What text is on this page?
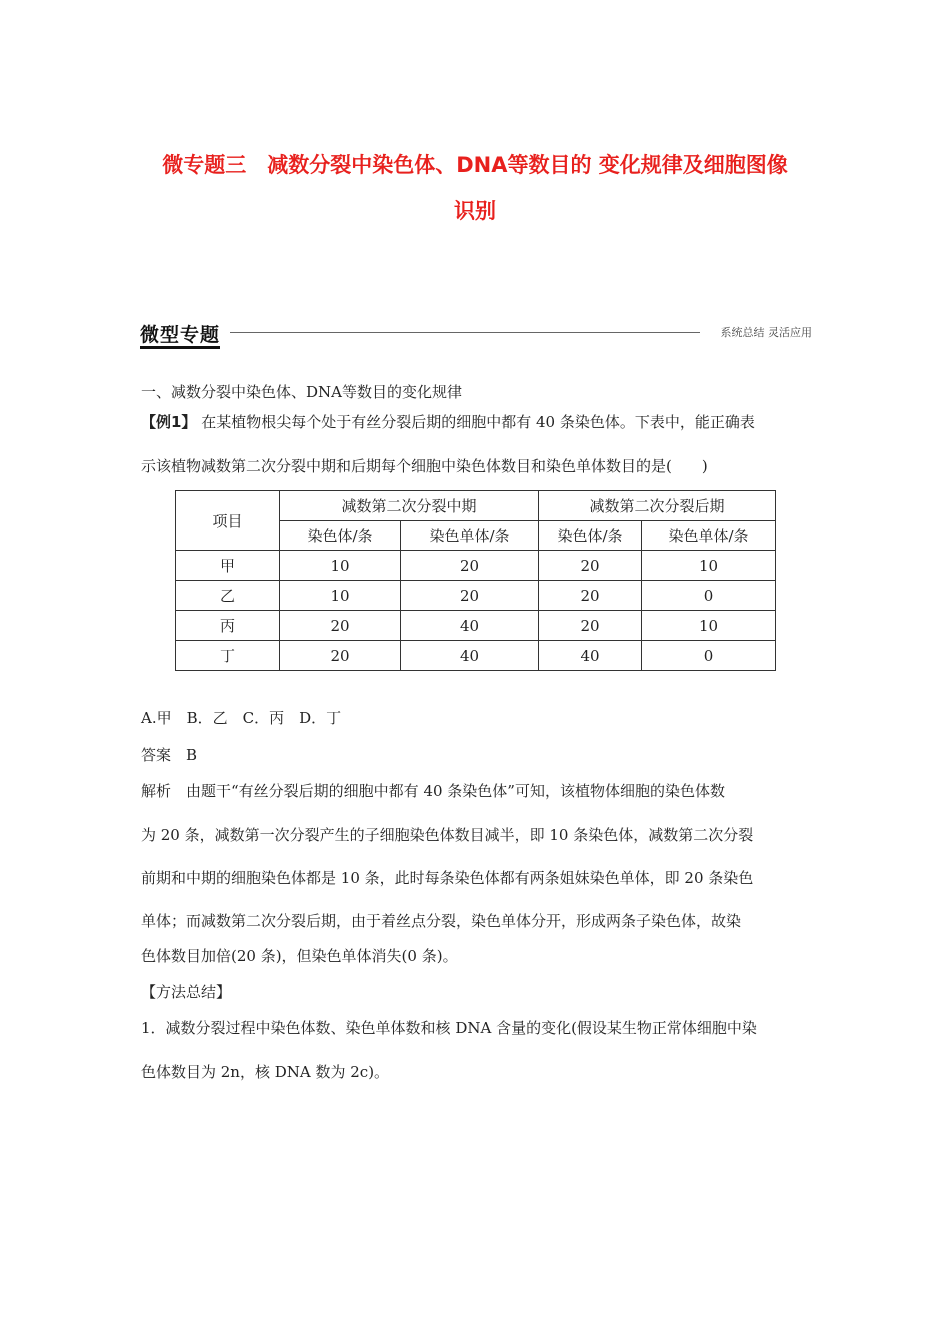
微专题三　减数分裂中染色体、DNA等数目的 变化规律及细胞图像
识别
微型专题	系统总结 灵活应用
一、减数分裂中染色体、DNA等数目的变化规律
【例1】 在某植物根尖每个处于有丝分裂后期的细胞中都有 40 条染色体。下表中，能正确表
示该植物减数第二次分裂中期和后期每个细胞中染色体数目和染色单体数目的是(　　)
项目	减数第二次分裂中期		减数第二次分裂后期	
	染色体/条	染色单体/条	染色体/条	染色单体/条
甲	10	20	20	10
乙	10	20	20	0
丙	20	40	20	10
丁	20	40	40	0
A.甲　B．乙　C．丙　D．丁
答案　B
解析　由题干“有丝分裂后期的细胞中都有 40 条染色体”可知，该植物体细胞的染色体数
为 20 条，减数第一次分裂产生的子细胞染色体数目减半，即 10 条染色体，减数第二次分裂
前期和中期的细胞染色体都是 10 条，此时每条染色体都有两条姐妹染色单体，即 20 条染色
单体；而减数第二次分裂后期，由于着丝点分裂，染色单体分开，形成两条子染色体，故染
色体数目加倍(20 条)，但染色单体消失(0 条)。
【方法总结】
1．减数分裂过程中染色体数、染色单体数和核 DNA 含量的变化(假设某生物正常体细胞中染
色体数目为 2n，核 DNA 数为 2c)。
